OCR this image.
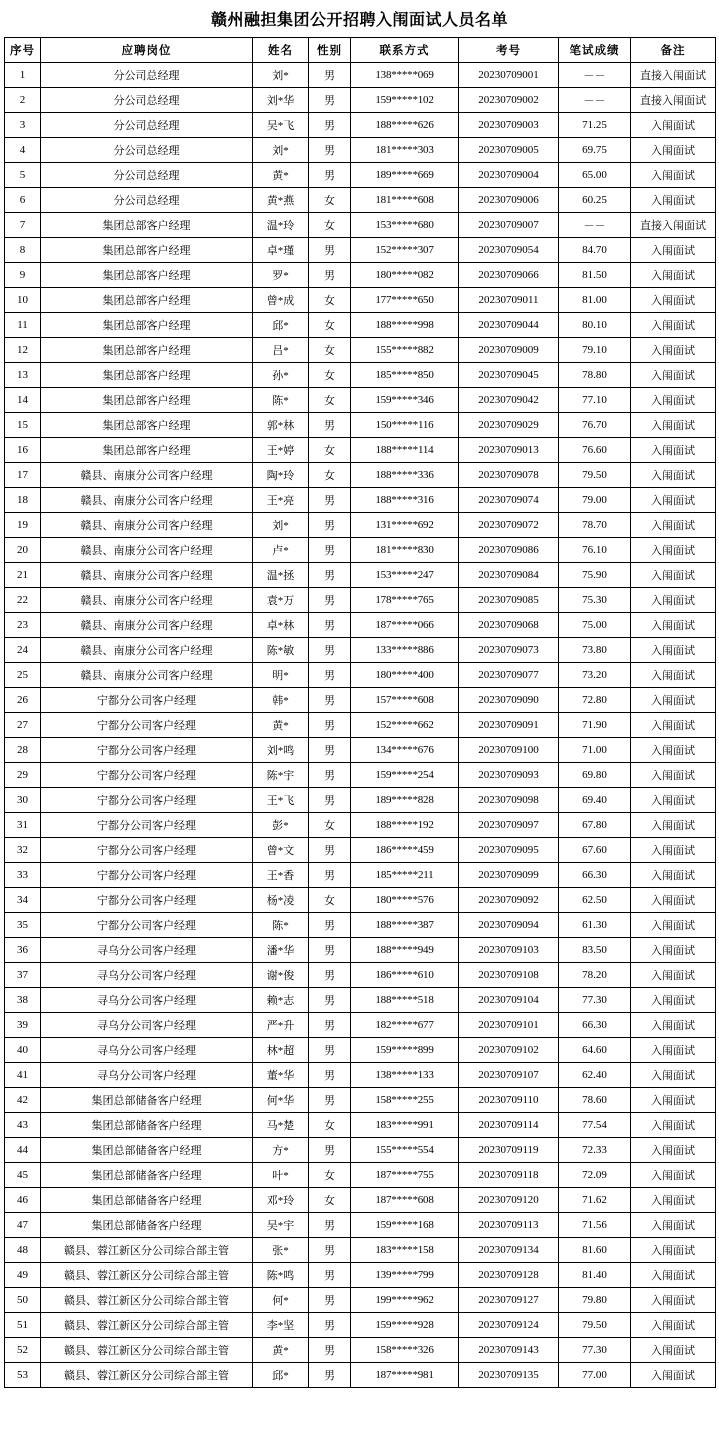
赣州融担集团公开招聘入闱面试人员名单
序号	应聘岗位	姓名	性别	联系方式	考号	笔试成绩	备注
1	分公司总经理	刘*	男	138*****069	20230709001	－－	直接入闱面试
2	分公司总经理	刘*华	男	159*****102	20230709002	－－	直接入闱面试
3	分公司总经理	吴*飞	男	188*****626	20230709003	71.25	入闱面试
4	分公司总经理	刘*	男	181*****303	20230709005	69.75	入闱面试
5	分公司总经理	黄*	男	189*****669	20230709004	65.00	入闱面试
6	分公司总经理	黄*燕	女	181*****608	20230709006	60.25	入闱面试
7	集团总部客户经理	温*玲	女	153*****680	20230709007	－－	直接入闱面试
8	集团总部客户经理	卓*瑾	男	152*****307	20230709054	84.70	入闱面试
9	集团总部客户经理	罗*	男	180*****082	20230709066	81.50	入闱面试
10	集团总部客户经理	曾*成	女	177*****650	20230709011	81.00	入闱面试
11	集团总部客户经理	邱*	女	188*****998	20230709044	80.10	入闱面试
12	集团总部客户经理	吕*	女	155*****882	20230709009	79.10	入闱面试
13	集团总部客户经理	孙*	女	185*****850	20230709045	78.80	入闱面试
14	集团总部客户经理	陈*	女	159*****346	20230709042	77.10	入闱面试
15	集团总部客户经理	郭*林	男	150*****116	20230709029	76.70	入闱面试
16	集团总部客户经理	王*婷	女	188*****114	20230709013	76.60	入闱面试
17	赣县、南康分公司客户经理	陶*玲	女	188*****336	20230709078	79.50	入闱面试
18	赣县、南康分公司客户经理	王*亮	男	188*****316	20230709074	79.00	入闱面试
19	赣县、南康分公司客户经理	刘*	男	131*****692	20230709072	78.70	入闱面试
20	赣县、南康分公司客户经理	卢*	男	181*****830	20230709086	76.10	入闱面试
21	赣县、南康分公司客户经理	温*拯	男	153*****247	20230709084	75.90	入闱面试
22	赣县、南康分公司客户经理	袁*万	男	178*****765	20230709085	75.30	入闱面试
23	赣县、南康分公司客户经理	卓*林	男	187*****066	20230709068	75.00	入闱面试
24	赣县、南康分公司客户经理	陈*敏	男	133*****886	20230709073	73.80	入闱面试
25	赣县、南康分公司客户经理	明*	男	180*****400	20230709077	73.20	入闱面试
26	宁都分公司客户经理	韩*	男	157*****608	20230709090	72.80	入闱面试
27	宁都分公司客户经理	黄*	男	152*****662	20230709091	71.90	入闱面试
28	宁都分公司客户经理	刘*鸣	男	134*****676	20230709100	71.00	入闱面试
29	宁都分公司客户经理	陈*宇	男	159*****254	20230709093	69.80	入闱面试
30	宁都分公司客户经理	王*飞	男	189*****828	20230709098	69.40	入闱面试
31	宁都分公司客户经理	彭*	女	188*****192	20230709097	67.80	入闱面试
32	宁都分公司客户经理	曾*文	男	186*****459	20230709095	67.60	入闱面试
33	宁都分公司客户经理	王*香	男	185*****211	20230709099	66.30	入闱面试
34	宁都分公司客户经理	杨*凌	女	180*****576	20230709092	62.50	入闱面试
35	宁都分公司客户经理	陈*	男	188*****387	20230709094	61.30	入闱面试
36	寻乌分公司客户经理	潘*华	男	188*****949	20230709103	83.50	入闱面试
37	寻乌分公司客户经理	谢*俊	男	186*****610	20230709108	78.20	入闱面试
38	寻乌分公司客户经理	赖*志	男	188*****518	20230709104	77.30	入闱面试
39	寻乌分公司客户经理	严*升	男	182*****677	20230709101	66.30	入闱面试
40	寻乌分公司客户经理	林*超	男	159*****899	20230709102	64.60	入闱面试
41	寻乌分公司客户经理	董*华	男	138*****133	20230709107	62.40	入闱面试
42	集团总部储备客户经理	何*华	男	158*****255	20230709110	78.60	入闱面试
43	集团总部储备客户经理	马*楚	女	183*****991	20230709114	77.54	入闱面试
44	集团总部储备客户经理	方*	男	155*****554	20230709119	72.33	入闱面试
45	集团总部储备客户经理	叶*	女	187*****755	20230709118	72.09	入闱面试
46	集团总部储备客户经理	邓*玲	女	187*****608	20230709120	71.62	入闱面试
47	集团总部储备客户经理	吴*宇	男	159*****168	20230709113	71.56	入闱面试
48	赣县、蓉江新区分公司综合部主管	张*	男	183*****158	20230709134	81.60	入闱面试
49	赣县、蓉江新区分公司综合部主管	陈*鸣	男	139*****799	20230709128	81.40	入闱面试
50	赣县、蓉江新区分公司综合部主管	何*	男	199*****962	20230709127	79.80	入闱面试
51	赣县、蓉江新区分公司综合部主管	李*坚	男	159*****928	20230709124	79.50	入闱面试
52	赣县、蓉江新区分公司综合部主管	黄*	男	158*****326	20230709143	77.30	入闱面试
53	赣县、蓉江新区分公司综合部主管	邱*	男	187*****981	20230709135	77.00	入闱面试
